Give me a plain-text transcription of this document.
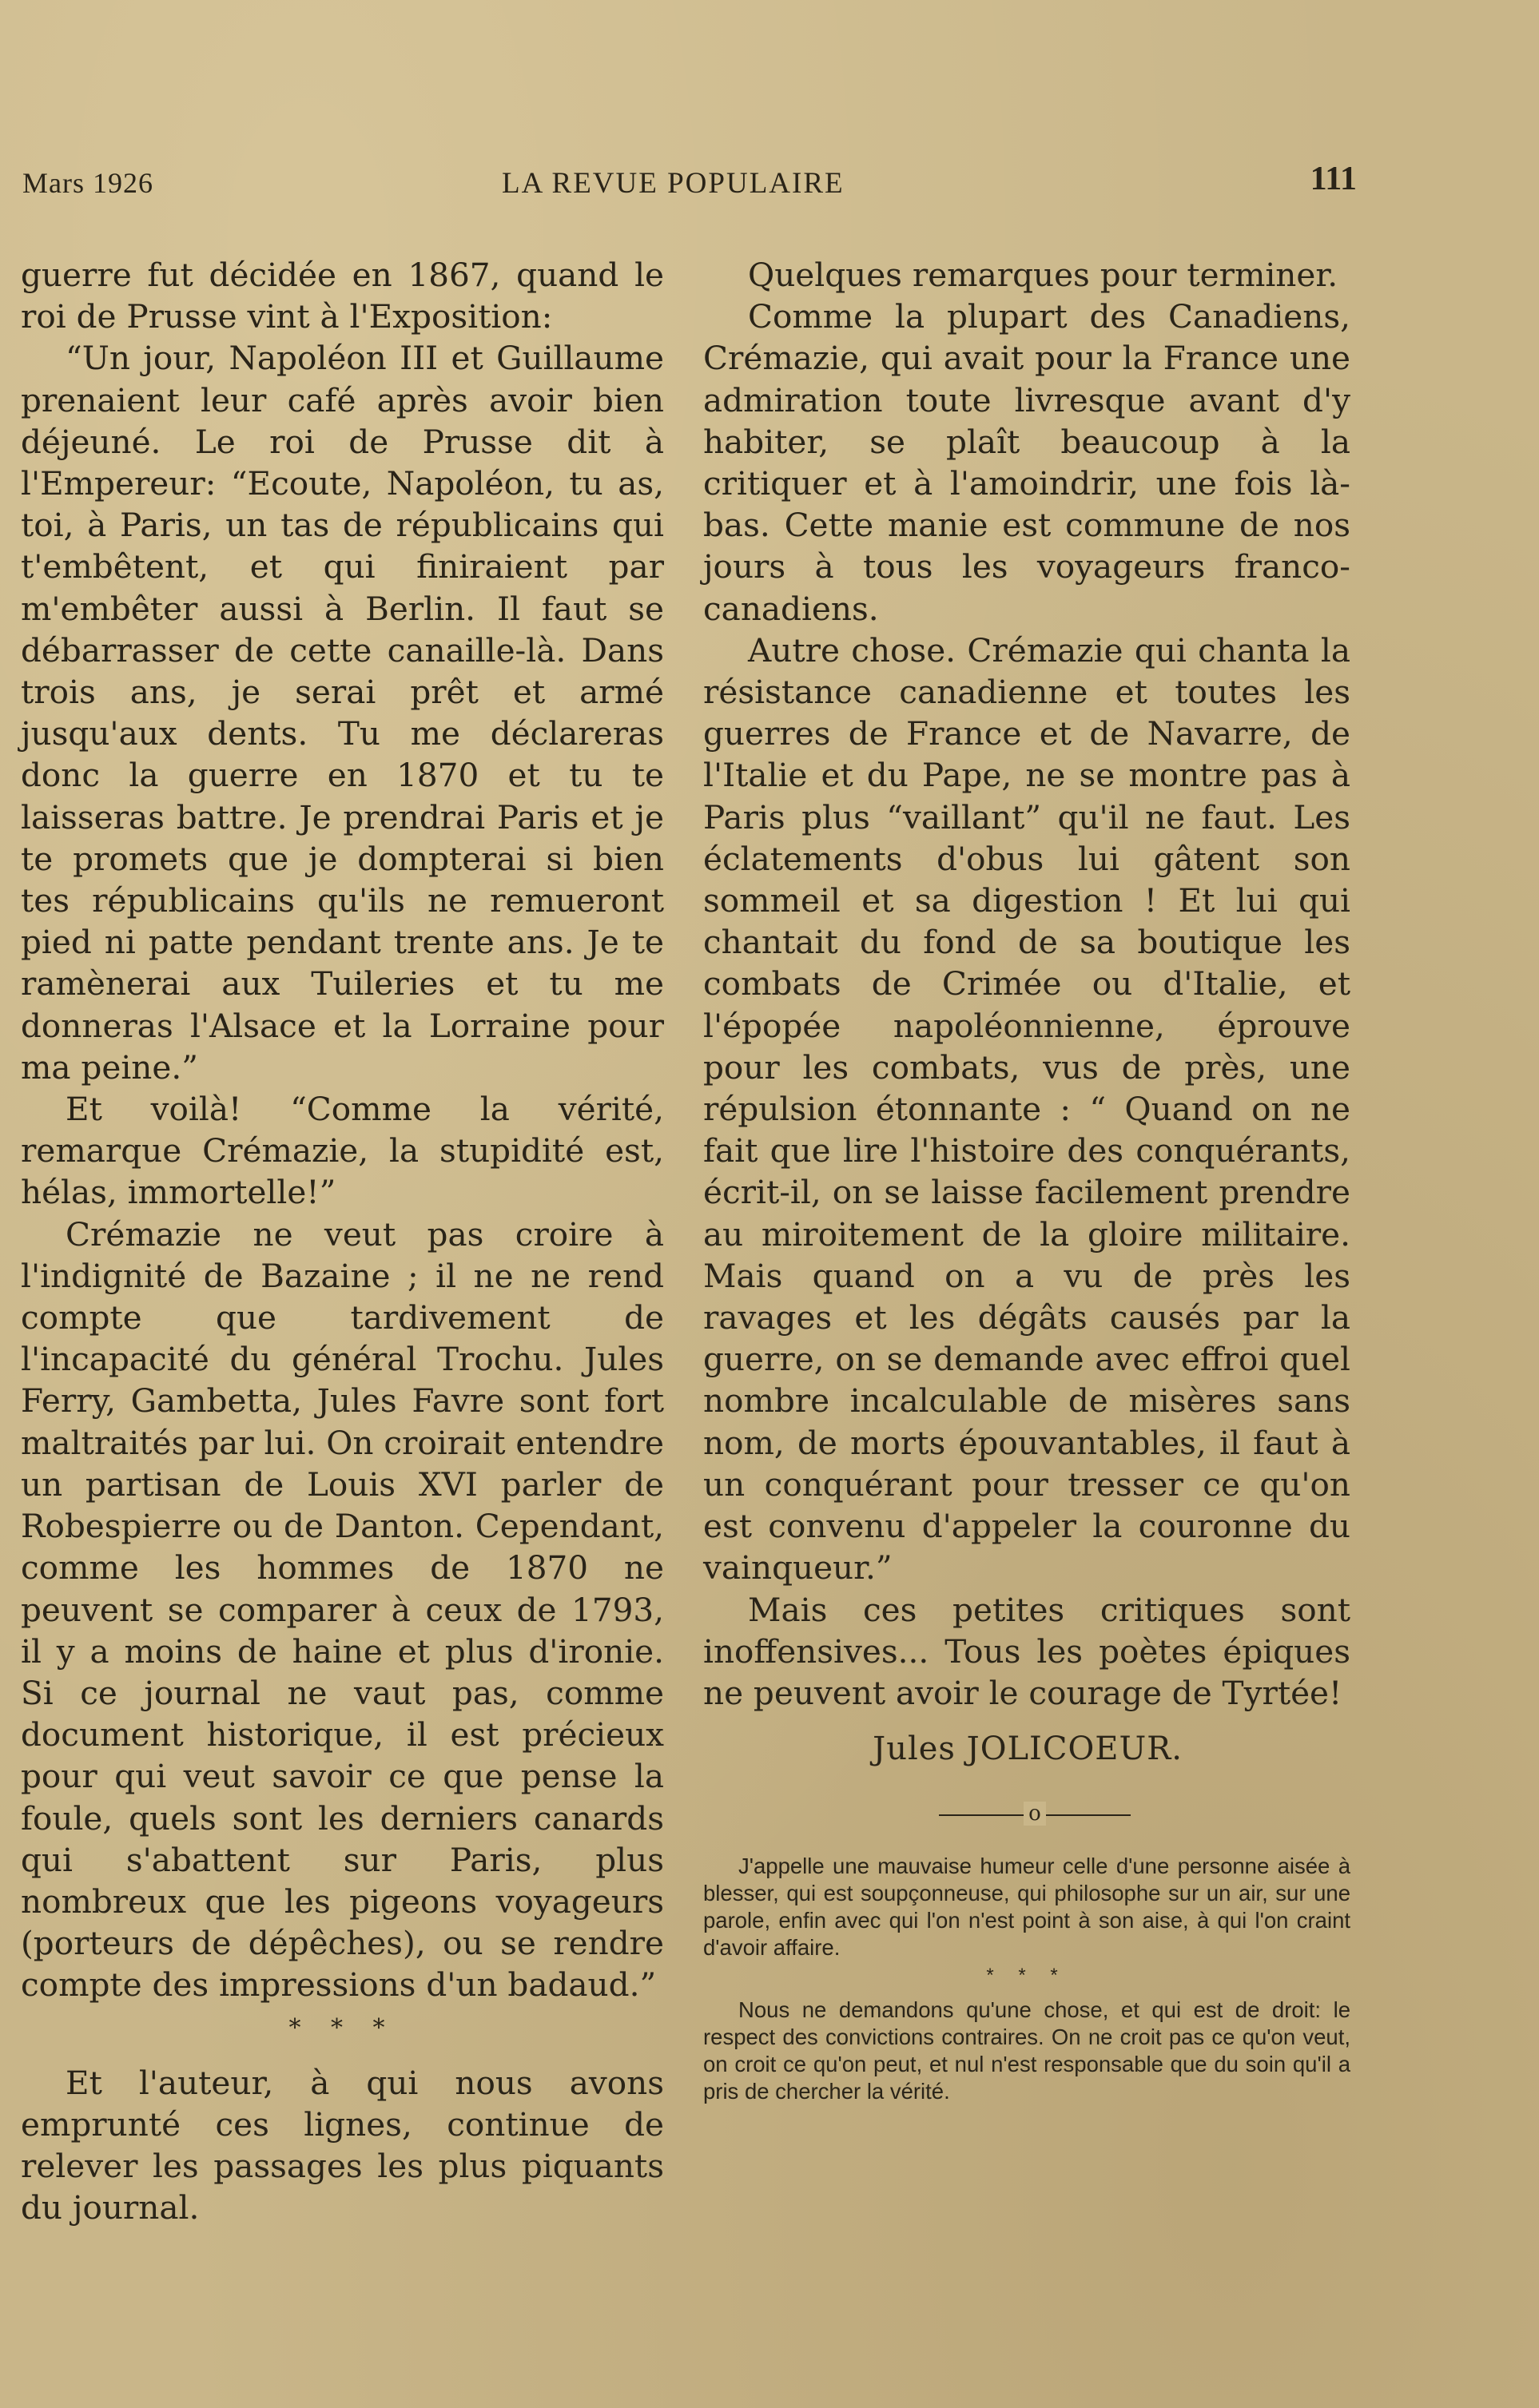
Mars 1926	LA REVUE POPULAIRE	111

guerre fut décidée en 1867, quand le roi de Prusse vint à l'Exposition:

“Un jour, Napoléon III et Guillaume prenaient leur café après avoir bien déjeuné. Le roi de Prusse dit à l'Empereur: “Ecoute, Napoléon, tu as, toi, à Paris, un tas de républicains qui t'embêtent, et qui finiraient par m'embêter aussi à Berlin. Il faut se débarrasser de cette canaille-là. Dans trois ans, je serai prêt et armé jusqu'aux dents. Tu me déclareras donc la guerre en 1870 et tu te laisseras battre. Je prendrai Paris et je te promets que je dompterai si bien tes républicains qu'ils ne remueront pied ni patte pendant trente ans. Je te ramènerai aux Tuileries et tu me donneras l'Alsace et la Lorraine pour ma peine.”

Et voilà! “Comme la vérité, remarque Crémazie, la stupidité est, hélas, immortelle!”

Crémazie ne veut pas croire à l'indignité de Bazaine ; il ne ne rend compte que tardivement de l'incapacité du général Trochu. Jules Ferry, Gambetta, Jules Favre sont fort maltraités par lui. On croirait entendre un partisan de Louis XVI parler de Robespierre ou de Danton. Cependant, comme les hommes de 1870 ne peuvent se comparer à ceux de 1793, il y a moins de haine et plus d'ironie. Si ce journal ne vaut pas, comme document historique, il est précieux pour qui veut savoir ce que pense la foule, quels sont les derniers canards qui s'abattent sur Paris, plus nombreux que les pigeons voyageurs (porteurs de dépêches), ou se rendre compte des impressions d'un badaud.”

* * *

Et l'auteur, à qui nous avons emprunté ces lignes, continue de relever les passages les plus piquants du journal.

Quelques remarques pour terminer.

Comme la plupart des Canadiens, Crémazie, qui avait pour la France une admiration toute livresque avant d'y habiter, se plaît beaucoup à la critiquer et à l'amoindrir, une fois là-bas. Cette manie est commune de nos jours à tous les voyageurs franco-canadiens.

Autre chose. Crémazie qui chanta la résistance canadienne et toutes les guerres de France et de Navarre, de l'Italie et du Pape, ne se montre pas à Paris plus “vaillant” qu'il ne faut. Les éclatements d'obus lui gâtent son sommeil et sa digestion ! Et lui qui chantait du fond de sa boutique les combats de Crimée ou d'Italie, et l'épopée napoléonnienne, éprouve pour les combats, vus de près, une répulsion étonnante : “ Quand on ne fait que lire l'histoire des conquérants, écrit-il, on se laisse facilement prendre au miroitement de la gloire militaire. Mais quand on a vu de près les ravages et les dégâts causés par la guerre, on se demande avec effroi quel nombre incalculable de misères sans nom, de morts épouvantables, il faut à un conquérant pour tresser ce qu'on est convenu d'appeler la couronne du vainqueur.”

Mais ces petites critiques sont inoffensives... Tous les poètes épiques ne peuvent avoir le courage de Tyrtée!

Jules JOLICOEUR.
o

J'appelle une mauvaise humeur celle d'une personne aisée à blesser, qui est soupçonneuse, qui philosophe sur un air, sur une parole, enfin avec qui l'on n'est point à son aise, à qui l'on craint d'avoir affaire.

* * *

Nous ne demandons qu'une chose, et qui est de droit: le respect des convictions contraires. On ne croit pas ce qu'on veut, on croit ce qu'on peut, et nul n'est responsable que du soin qu'il a pris de chercher la vérité.
